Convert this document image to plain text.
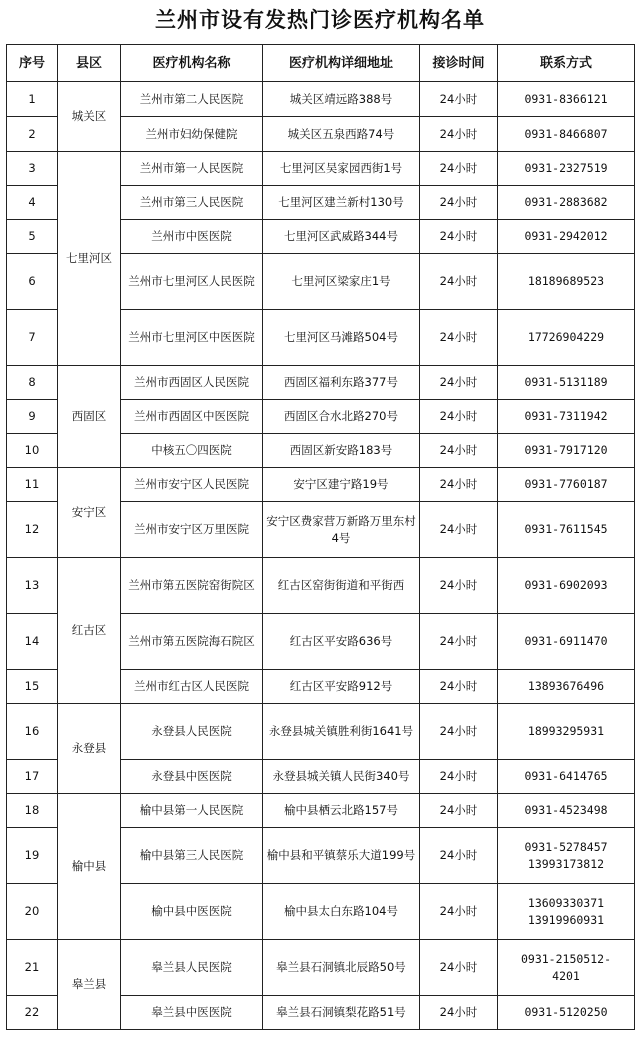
兰州市设有发热门诊医疗机构名单
序号	县区	医疗机构名称	医疗机构详细地址	接诊时间	联系方式
1	城关区	兰州市第二人民医院	城关区靖远路388号	24小时	0931-8366121
2		兰州市妇幼保健院	城关区五泉西路74号	24小时	0931-8466807
3	七里河区	兰州市第一人民医院	七里河区吴家园西街1号	24小时	0931-2327519
4		兰州市第三人民医院	七里河区建兰新村130号	24小时	0931-2883682
5		兰州市中医医院	七里河区武威路344号	24小时	0931-2942012
6		兰州市七里河区人民医院	七里河区梁家庄1号	24小时	18189689523
7		兰州市七里河区中医医院	七里河区马滩路504号	24小时	17726904229
8	西固区	兰州市西固区人民医院	西固区福利东路377号	24小时	0931-5131189
9		兰州市西固区中医医院	西固区合水北路270号	24小时	0931-7311942
10		中核五〇四医院	西固区新安路183号	24小时	0931-7917120
11	安宁区	兰州市安宁区人民医院	安宁区建宁路19号	24小时	0931-7760187
12		兰州市安宁区万里医院	安宁区费家营万新路万里东村4号	24小时	0931-7611545
13	红古区	兰州市第五医院窑街院区	红古区窑街街道和平街西	24小时	0931-6902093
14		兰州市第五医院海石院区	红古区平安路636号	24小时	0931-6911470
15		兰州市红古区人民医院	红古区平安路912号	24小时	13893676496
16	永登县	永登县人民医院	永登县城关镇胜利街1641号	24小时	18993295931
17		永登县中医医院	永登县城关镇人民街340号	24小时	0931-6414765
18	榆中县	榆中县第一人民医院	榆中县栖云北路157号	24小时	0931-4523498
19		榆中县第三人民医院	榆中县和平镇蔡乐大道199号	24小时	0931-5278457
13993173812
20		榆中县中医医院	榆中县太白东路104号	24小时	13609330371
13919960931
21	皋兰县	皋兰县人民医院	皋兰县石洞镇北辰路50号	24小时	0931-2150512-
4201
22		皋兰县中医医院	皋兰县石洞镇梨花路51号	24小时	0931-5120250
